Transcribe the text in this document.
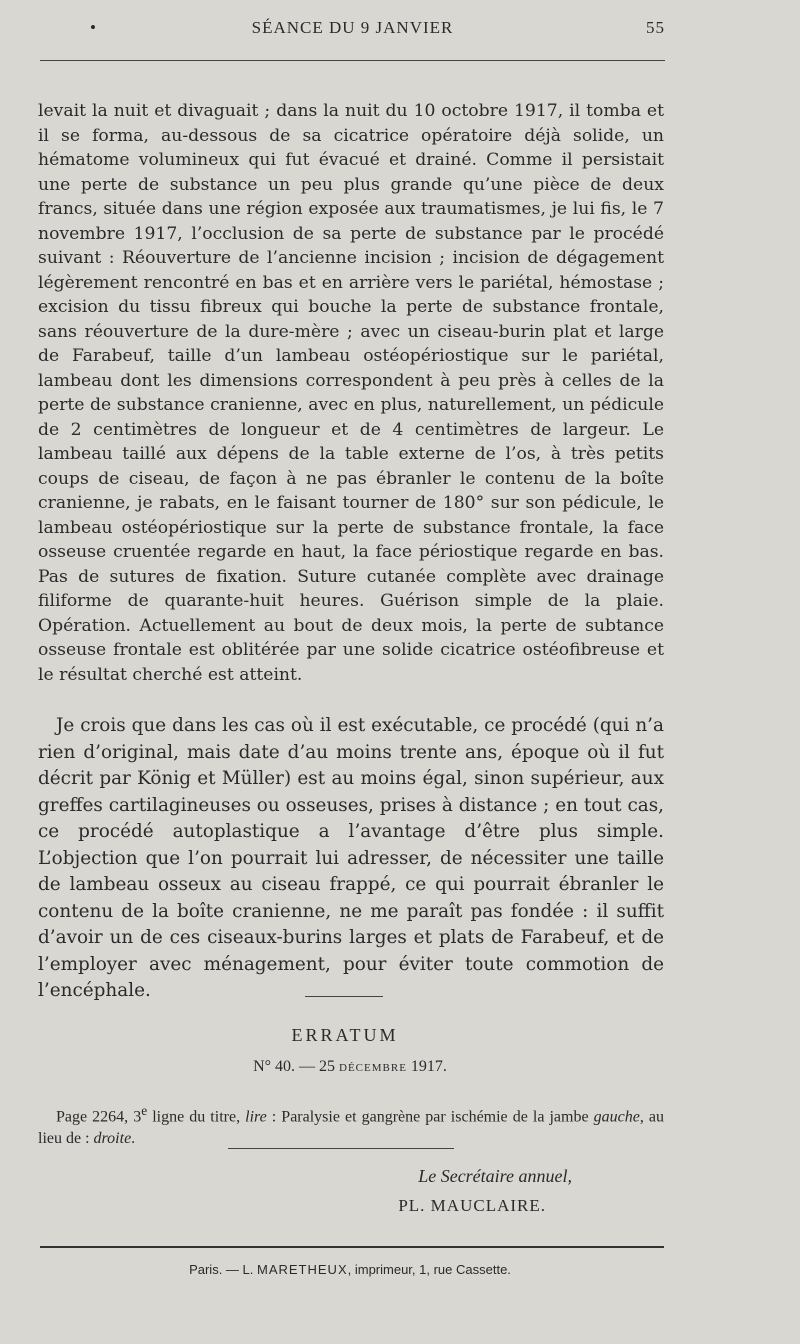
•	SÉANCE DU 9 JANVIER	55

levait la nuit et divaguait ; dans la nuit du 10 octobre 1917, il tomba et il se forma, au-dessous de sa cicatrice opératoire déjà solide, un hématome volumineux qui fut évacué et drainé. Comme il persistait une perte de substance un peu plus grande qu’une pièce de deux francs, située dans une région exposée aux traumatismes, je lui fis, le 7 novembre 1917, l’occlusion de sa perte de substance par le procédé suivant : Réouverture de l’ancienne incision ; incision de dégagement légèrement rencontré en bas et en arrière vers le pariétal, hémostase ; excision du tissu fibreux qui bouche la perte de substance frontale, sans réouverture de la dure-mère ; avec un ciseau-burin plat et large de Farabeuf, taille d’un lambeau ostéopériostique sur le pariétal, lambeau dont les dimensions correspondent à peu près à celles de la perte de substance cranienne, avec en plus, naturellement, un pédicule de 2 centimètres de longueur et de 4 centimètres de largeur. Le lambeau taillé aux dépens de la table externe de l’os, à très petits coups de ciseau, de façon à ne pas ébranler le contenu de la boîte cranienne, je rabats, en le faisant tourner de 180° sur son pédicule, le lambeau ostéopériostique sur la perte de substance frontale, la face osseuse cruentée regarde en haut, la face périostique regarde en bas. Pas de sutures de fixation. Suture cutanée complète avec drainage filiforme de quarante-huit heures. Guérison simple de la plaie. Opération. Actuellement au bout de deux mois, la perte de subtance osseuse frontale est oblitérée par une solide cicatrice ostéofibreuse et le résultat cherché est atteint.

Je crois que dans les cas où il est exécutable, ce procédé (qui n’a rien d’original, mais date d’au moins trente ans, époque où il fut décrit par König et Müller) est au moins égal, sinon supérieur, aux greffes cartilagineuses ou osseuses, prises à distance ; en tout cas, ce procédé autoplastique a l’avantage d’être plus simple. L’objection que l’on pourrait lui adresser, de nécessiter une taille de lambeau osseux au ciseau frappé, ce qui pourrait ébranler le contenu de la boîte cranienne, ne me paraît pas fondée : il suffit d’avoir un de ces ciseaux-burins larges et plats de Farabeuf, et de l’employer avec ménagement, pour éviter toute commotion de l’encéphale.

ERRATUM
N° 40. — 25 DÉCEMBRE 1917.

Page 2264, 3e ligne du titre, lire : Paralysie et gangrène par ischémie de la jambe gauche, au lieu de : droite.

Le Secrétaire annuel,
PL. MAUCLAIRE.
Paris. — L. MARETHEUX, imprimeur, 1, rue Cassette.
